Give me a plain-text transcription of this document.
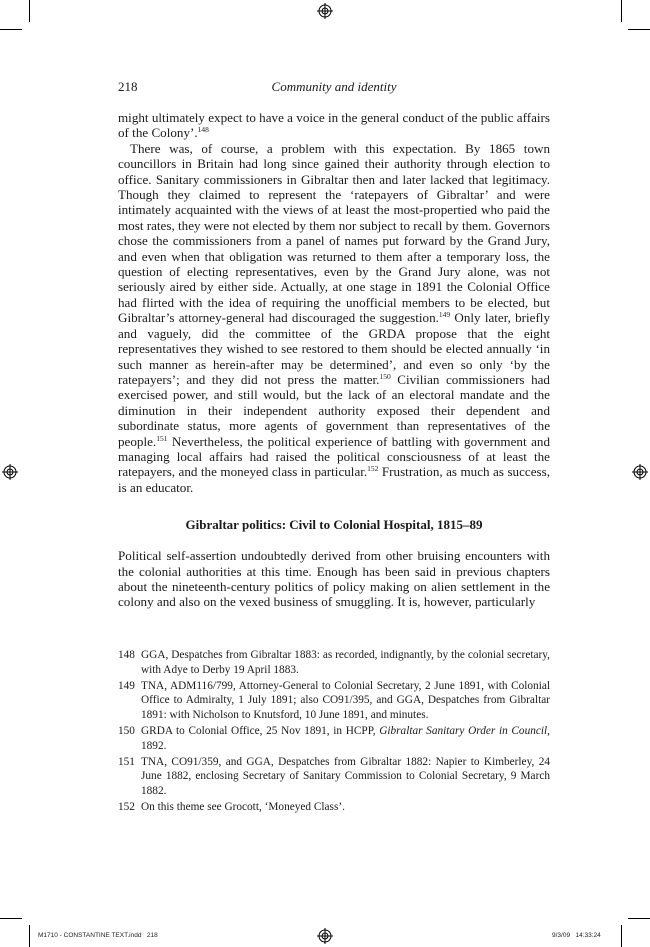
218	Community and identity

might ultimately expect to have a voice in the general conduct of the public affairs of the Colony’.$^{148}$

There was, of course, a problem with this expectation. By 1865 town councillors in Britain had long since gained their authority through election to office. Sanitary commissioners in Gibraltar then and later lacked that legitimacy. Though they claimed to represent the ‘ratepayers of Gibraltar’ and were intimately acquainted with the views of at least the most-propertied who paid the most rates, they were not elected by them nor subject to recall by them. Governors chose the commissioners from a panel of names put forward by the Grand Jury, and even when that obligation was returned to them after a temporary loss, the question of electing representatives, even by the Grand Jury alone, was not seriously aired by either side. Actually, at one stage in 1891 the Colonial Office had flirted with the idea of requiring the unofficial members to be elected, but Gibraltar’s attorney-general had discouraged the suggestion.$^{149}$ Only later, briefly and vaguely, did the committee of the GRDA propose that the eight representatives they wished to see restored to them should be elected annually ‘in such manner as herein-after may be determined’, and even so only ‘by the ratepayers’; and they did not press the matter.$^{150}$ Civilian commissioners had exercised power, and still would, but the lack of an electoral mandate and the diminution in their independent authority exposed their dependent and subordinate status, more agents of government than representatives of the people.$^{151}$ Nevertheless, the political experience of battling with government and managing local affairs had raised the political consciousness of at least the ratepayers, and the moneyed class in particular.$^{152}$ Frustration, as much as success, is an educator.

Gibraltar politics: Civil to Colonial Hospital, 1815–89

Political self-assertion undoubtedly derived from other bruising encounters with the colonial authorities at this time. Enough has been said in previous chapters about the nineteenth-century politics of policy making on alien settlement in the colony and also on the vexed business of smuggling. It is, however, particularly

148 GGA, Despatches from Gibraltar 1883: as recorded, indignantly, by the colonial secretary, with Adye to Derby 19 April 1883.
149 TNA, ADM116/799, Attorney-General to Colonial Secretary, 2 June 1891, with Colonial Office to Admiralty, 1 July 1891; also CO91/395, and GGA, Despatches from Gibraltar 1891: with Nicholson to Knutsford, 10 June 1891, and minutes.
150 GRDA to Colonial Office, 25 Nov 1891, in HCPP, Gibraltar Sanitary Order in Council, 1892.
151 TNA, CO91/359, and GGA, Despatches from Gibraltar 1882: Napier to Kimberley, 24 June 1882, enclosing Secretary of Sanitary Commission to Colonial Secretary, 9 March 1882.
152 On this theme see Grocott, ‘Moneyed Class’.
M1710 - CONSTANTINE TEXT.indd   218	9/3/09   14:33:24
